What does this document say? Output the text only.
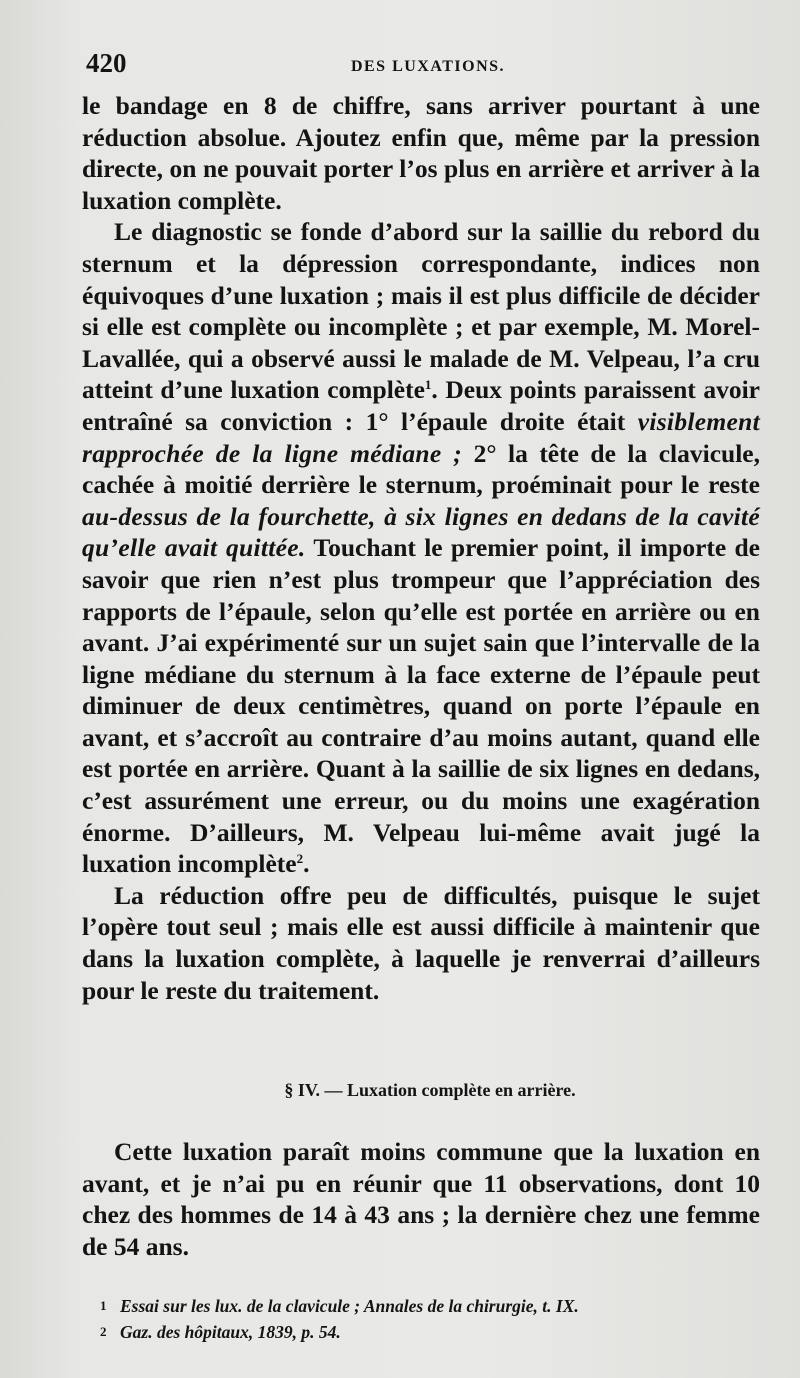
420	DES LUXATIONS.

le bandage en 8 de chiffre, sans arriver pourtant à une réduction absolue. Ajoutez enfin que, même par la pression directe, on ne pouvait porter l’os plus en arrière et arriver à la luxation complète.

Le diagnostic se fonde d’abord sur la saillie du rebord du sternum et la dépression correspondante, indices non équivoques d’une luxation ; mais il est plus difficile de décider si elle est complète ou incomplète ; et par exemple, M. Morel-Lavallée, qui a observé aussi le malade de M. Velpeau, l’a cru atteint d’une luxation complète$^1$. Deux points paraissent avoir entraîné sa conviction : 1° l’épaule droite était visiblement rapprochée de la ligne médiane ; 2° la tête de la clavicule, cachée à moitié derrière le sternum, proéminait pour le reste au-dessus de la fourchette, à six lignes en dedans de la cavité qu’elle avait quittée. Touchant le premier point, il importe de savoir que rien n’est plus trompeur que l’appréciation des rapports de l’épaule, selon qu’elle est portée en arrière ou en avant. J’ai expérimenté sur un sujet sain que l’intervalle de la ligne médiane du sternum à la face externe de l’épaule peut diminuer de deux centimètres, quand on porte l’épaule en avant, et s’accroît au contraire d’au moins autant, quand elle est portée en arrière. Quant à la saillie de six lignes en dedans, c’est assurément une erreur, ou du moins une exagération énorme. D’ailleurs, M. Velpeau lui-même avait jugé la luxation incomplète$^2$.

La réduction offre peu de difficultés, puisque le sujet l’opère tout seul ; mais elle est aussi difficile à maintenir que dans la luxation complète, à laquelle je renverrai d’ailleurs pour le reste du traitement.

§ IV. — Luxation complète en arrière.
Cette luxation paraît moins commune que la luxation en avant, et je n’ai pu en réunir que 11 observations, dont 10 chez des hommes de 14 à 43 ans ; la dernière chez une femme de 54 ans.
1 Essai sur les lux. de la clavicule ; Annales de la chirurgie, t. IX.
2 Gaz. des hôpitaux, 1839, p. 54.
